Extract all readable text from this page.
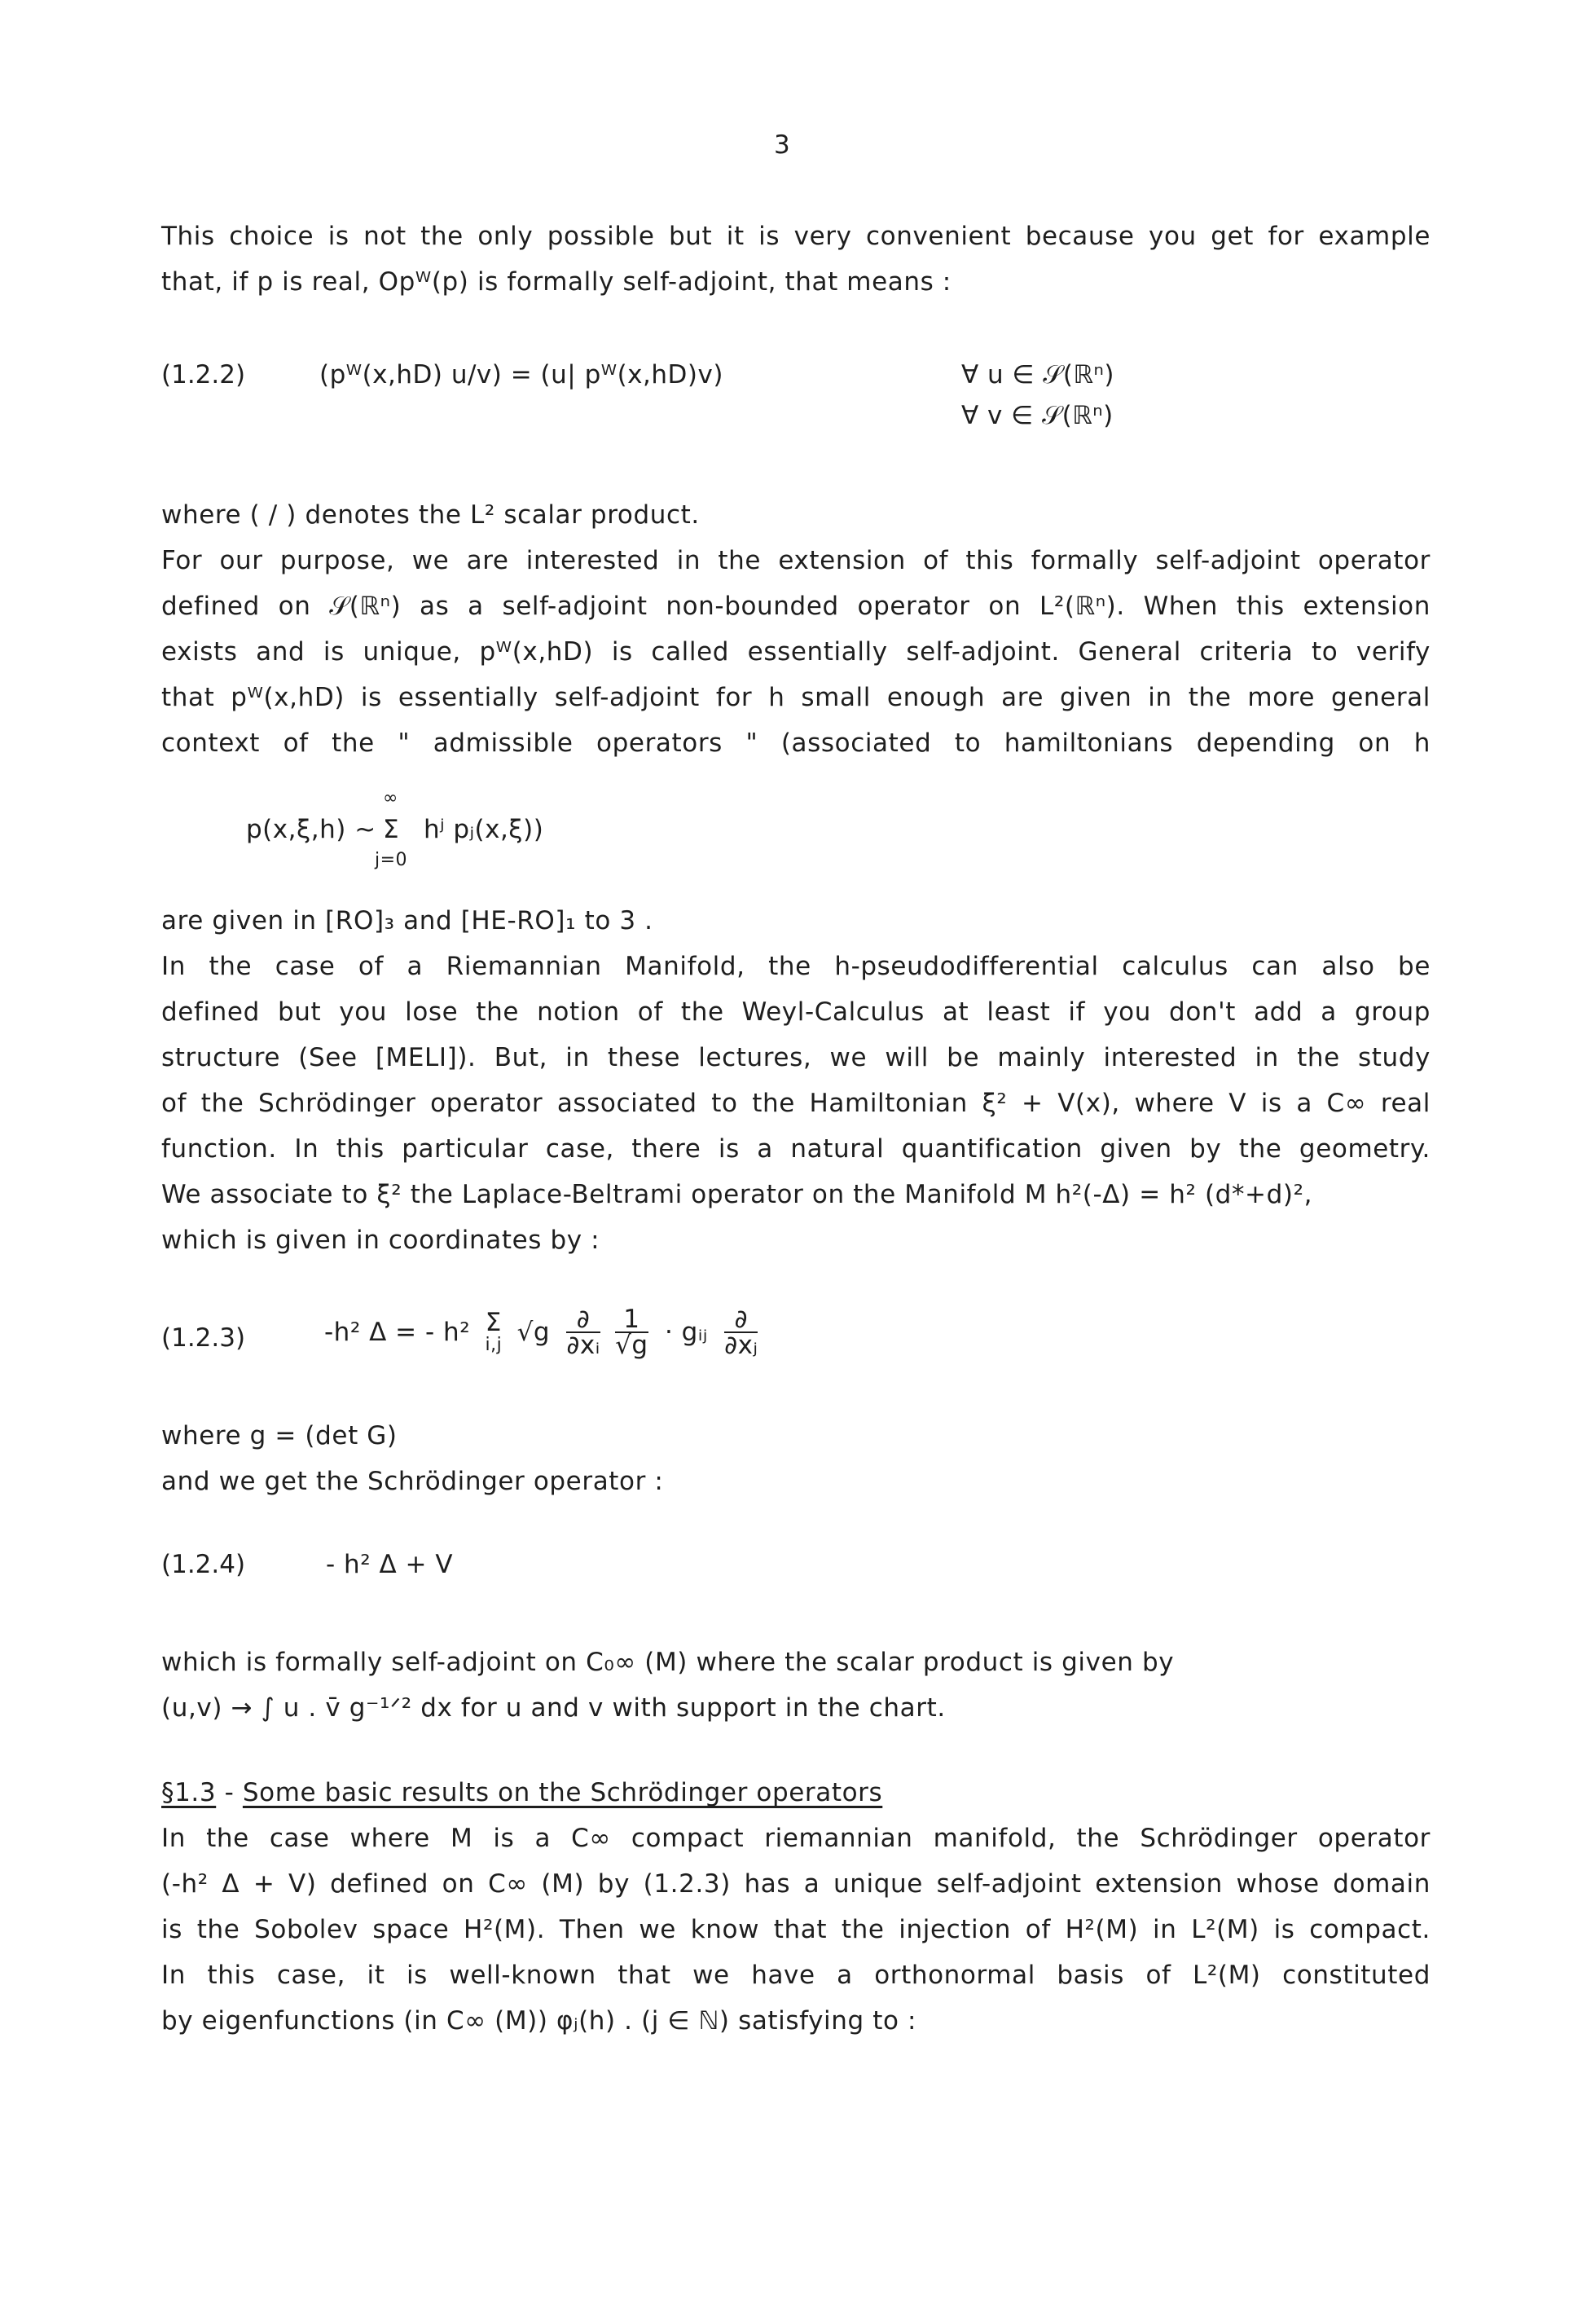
3
This choice is not the only possible but it is very convenient because you get for example
that, if p is real, Opᵂ(p) is formally self-adjoint, that means :
(1.2.2)	(pᵂ(x,hD) u/v) = (u| pᵂ(x,hD)v)	∀ u ∈ 𝒮(ℝⁿ)
∀ v ∈ 𝒮(ℝⁿ)
where ( / ) denotes the L² scalar product.
For our purpose, we are interested in the extension of this formally self-adjoint operator
defined on 𝒮(ℝⁿ) as a self-adjoint non-bounded operator on L²(ℝⁿ). When this extension
exists and is unique, pᵂ(x,hD) is called essentially self-adjoint. General criteria to verify
that pᵂ(x,hD) is essentially self-adjoint for h small enough are given in the more general
context of the " admissible operators " (associated to hamiltonians depending on h
p(x,ξ,h) ~ Σ
∞
j=0
hʲ pⱼ(x,ξ))
are given in [RO]₃ and [HE-RO]₁ to 3 .
In the case of a Riemannian Manifold, the h-pseudodifferential calculus can also be
defined but you lose the notion of the Weyl-Calculus at least if you don't add a group
structure (See [MELI]). But, in these lectures, we will be mainly interested in the study
of the Schrödinger operator associated to the Hamiltonian ξ² + V(x), where V is a C∞ real
function. In this particular case, there is a natural quantification given by the geometry.
We associate to ξ² the Laplace-Beltrami operator on the Manifold M h²(-Δ) = h² (d*+d)²,
which is given in coordinates by :
(1.2.3)	-h² Δ = - h² Σ
i,j $√g \frac{\partial}{\text{∂xᵢ}}$
$\frac{1}{√g}$ · gᵢⱼ $\frac{\partial}{\text{∂xⱼ}}$
where g = (det G)
and we get the Schrödinger operator :
(1.2.4)	- h² Δ + V
which is formally self-adjoint on C₀∞ (M) where the scalar product is given by
(u,v) → ∫ u . v̄ g⁻¹ᐟ² dx for u and v with support in the chart.
§1.3 - Some basic results on the Schrödinger operators
In the case where M is a C∞ compact riemannian manifold, the Schrödinger operator
(-h² Δ + V) defined on C∞ (M) by (1.2.3) has a unique self-adjoint extension whose domain
is the Sobolev space H²(M). Then we know that the injection of H²(M) in L²(M) is compact.
In this case, it is well-known that we have a orthonormal basis of L²(M) constituted
by eigenfunctions (in C∞ (M)) φⱼ(h) . (j ∈ ℕ) satisfying to :
